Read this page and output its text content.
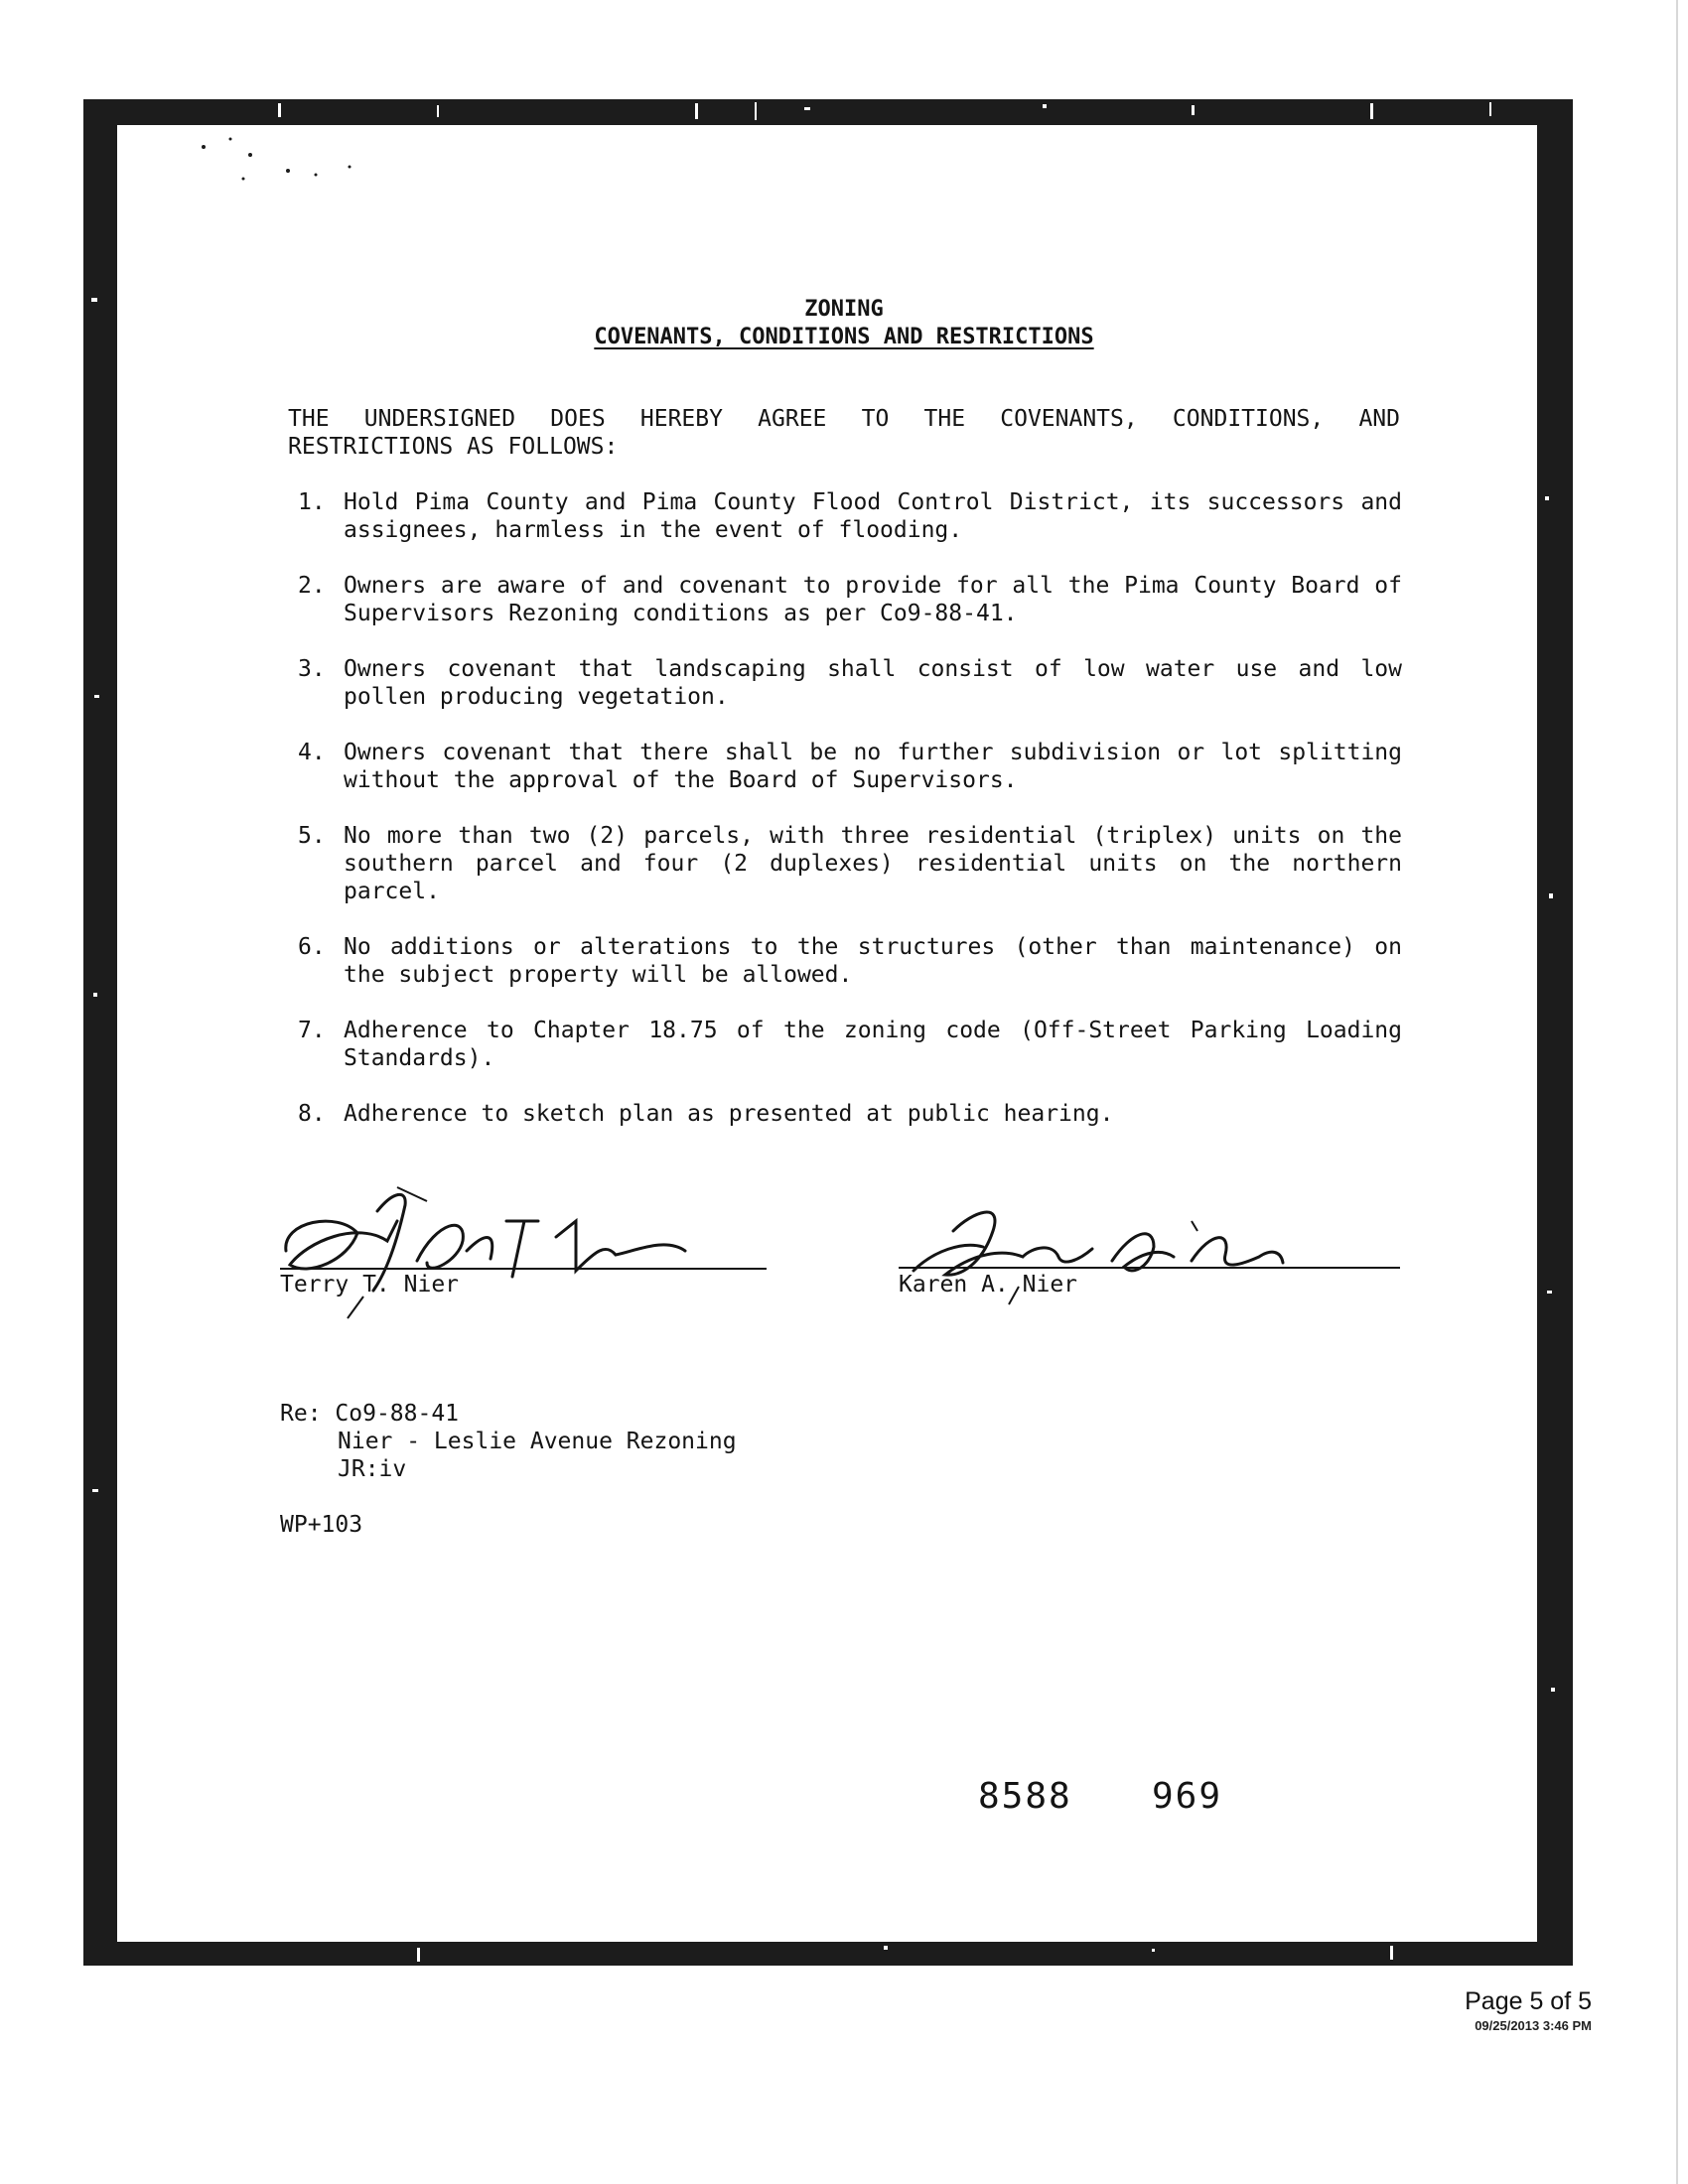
ZONING
COVENANTS, CONDITIONS AND RESTRICTIONS
THE UNDERSIGNED DOES HEREBY AGREE TO THE COVENANTS, CONDITIONS, AND
RESTRICTIONS AS FOLLOWS:
1. Hold Pima County and Pima County Flood Control District, its successors and assignees, harmless in the event of flooding.
2. Owners are aware of and covenant to provide for all the Pima County Board of Supervisors Rezoning conditions as per Co9-88-41.
3. Owners covenant that landscaping shall consist of low water use and low pollen producing vegetation.
4. Owners covenant that there shall be no further subdivision or lot splitting without the approval of the Board of Supervisors.
5. No more than two (2) parcels, with three residential (triplex) units on the southern parcel and four (2 duplexes) residential units on the northern parcel.
6. No additions or alterations to the structures (other than maintenance) on the subject property will be allowed.
7. Adherence to Chapter 18.75 of the zoning code (Off-Street Parking Loading Standards).
8. Adherence to sketch plan as presented at public hearing.
Terry T. Nier	Karen A. Nier
Re: Co9-88-41
Nier - Leslie Avenue Rezoning
JR:iv
WP+103
8588 969
Page 5 of 5
09/25/2013 3:46 PM
